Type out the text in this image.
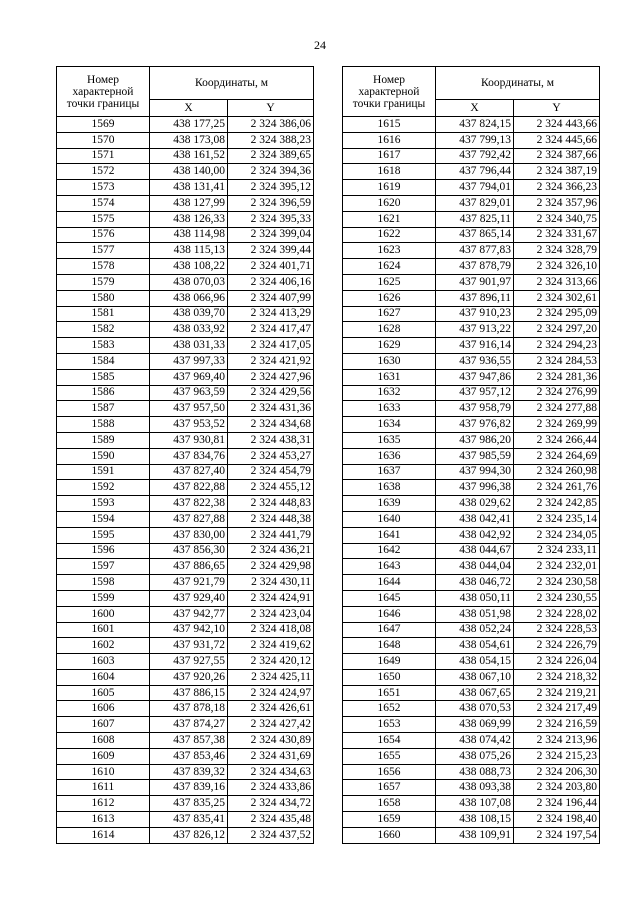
24
Номер
характерной
точки границы	Координаты, м	
	X	Y
1569	438 177,25	2 324 386,06
1570	438 173,08	2 324 388,23
1571	438 161,52	2 324 389,65
1572	438 140,00	2 324 394,36
1573	438 131,41	2 324 395,12
1574	438 127,99	2 324 396,59
1575	438 126,33	2 324 395,33
1576	438 114,98	2 324 399,04
1577	438 115,13	2 324 399,44
1578	438 108,22	2 324 401,71
1579	438 070,03	2 324 406,16
1580	438 066,96	2 324 407,99
1581	438 039,70	2 324 413,29
1582	438 033,92	2 324 417,47
1583	438 031,33	2 324 417,05
1584	437 997,33	2 324 421,92
1585	437 969,40	2 324 427,96
1586	437 963,59	2 324 429,56
1587	437 957,50	2 324 431,36
1588	437 953,52	2 324 434,68
1589	437 930,81	2 324 438,31
1590	437 834,76	2 324 453,27
1591	437 827,40	2 324 454,79
1592	437 822,88	2 324 455,12
1593	437 822,38	2 324 448,83
1594	437 827,88	2 324 448,38
1595	437 830,00	2 324 441,79
1596	437 856,30	2 324 436,21
1597	437 886,65	2 324 429,98
1598	437 921,79	2 324 430,11
1599	437 929,40	2 324 424,91
1600	437 942,77	2 324 423,04
1601	437 942,10	2 324 418,08
1602	437 931,72	2 324 419,62
1603	437 927,55	2 324 420,12
1604	437 920,26	2 324 425,11
1605	437 886,15	2 324 424,97
1606	437 878,18	2 324 426,61
1607	437 874,27	2 324 427,42
1608	437 857,38	2 324 430,89
1609	437 853,46	2 324 431,69
1610	437 839,32	2 324 434,63
1611	437 839,16	2 324 433,86
1612	437 835,25	2 324 434,72
1613	437 835,41	2 324 435,48
1614	437 826,12	2 324 437,52
Номер
характерной
точки границы	Координаты, м	
	X	Y
1615	437 824,15	2 324 443,66
1616	437 799,13	2 324 445,66
1617	437 792,42	2 324 387,66
1618	437 796,44	2 324 387,19
1619	437 794,01	2 324 366,23
1620	437 829,01	2 324 357,96
1621	437 825,11	2 324 340,75
1622	437 865,14	2 324 331,67
1623	437 877,83	2 324 328,79
1624	437 878,79	2 324 326,10
1625	437 901,97	2 324 313,66
1626	437 896,11	2 324 302,61
1627	437 910,23	2 324 295,09
1628	437 913,22	2 324 297,20
1629	437 916,14	2 324 294,23
1630	437 936,55	2 324 284,53
1631	437 947,86	2 324 281,36
1632	437 957,12	2 324 276,99
1633	437 958,79	2 324 277,88
1634	437 976,82	2 324 269,99
1635	437 986,20	2 324 266,44
1636	437 985,59	2 324 264,69
1637	437 994,30	2 324 260,98
1638	437 996,38	2 324 261,76
1639	438 029,62	2 324 242,85
1640	438 042,41	2 324 235,14
1641	438 042,92	2 324 234,05
1642	438 044,67	2 324 233,11
1643	438 044,04	2 324 232,01
1644	438 046,72	2 324 230,58
1645	438 050,11	2 324 230,55
1646	438 051,98	2 324 228,02
1647	438 052,24	2 324 228,53
1648	438 054,61	2 324 226,79
1649	438 054,15	2 324 226,04
1650	438 067,10	2 324 218,32
1651	438 067,65	2 324 219,21
1652	438 070,53	2 324 217,49
1653	438 069,99	2 324 216,59
1654	438 074,42	2 324 213,96
1655	438 075,26	2 324 215,23
1656	438 088,73	2 324 206,30
1657	438 093,38	2 324 203,80
1658	438 107,08	2 324 196,44
1659	438 108,15	2 324 198,40
1660	438 109,91	2 324 197,54
